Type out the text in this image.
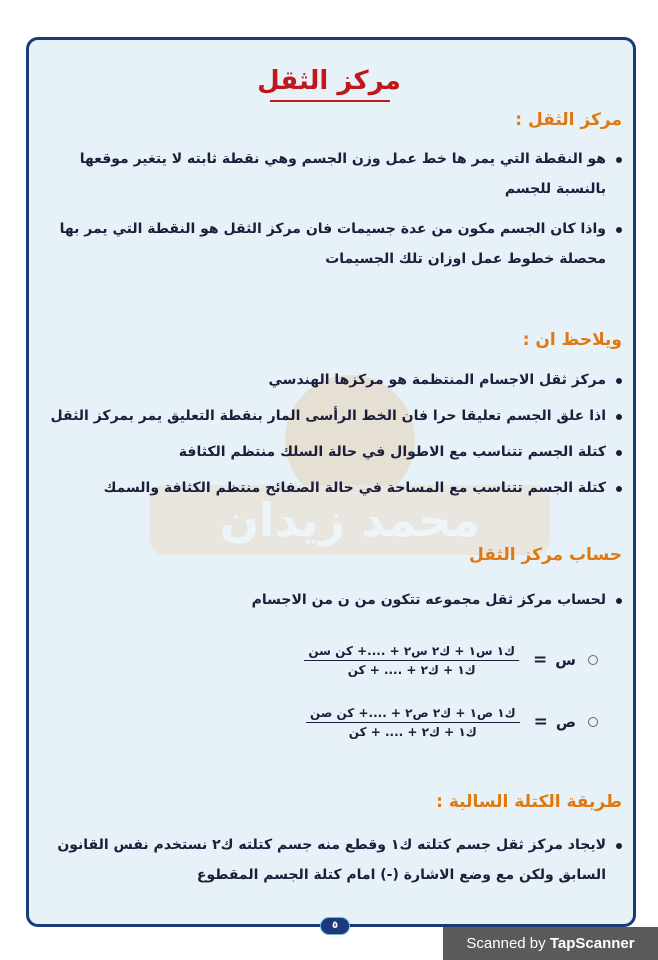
محمد زيدان
مركز الثقل
مركز الثقل :
هو النقطة التي يمر ها خط عمل وزن الجسم وهي نقطة ثابته لا يتغير موقعها بالنسبة للجسم
واذا كان الجسم مكون من عدة جسيمات فان مركز الثقل هو النقطة التي يمر بها محصلة خطوط عمل اوزان تلك الجسيمات
ويلاحظ ان :
مركز ثقل الاجسام المنتظمة هو مركزها الهندسي
اذا علق الجسم تعليقا حرا فان الخط الرأسى المار بنقطة التعليق يمر بمركز الثقل
كتلة الجسم تتناسب مع الاطوال في حالة السلك منتظم الكثافة
كتلة الجسم تتناسب مع المساحة في حالة الصفائح منتظم الكثافة والسمك
حساب مركز الثقل
لحساب مركز ثقل مجموعه تتكون من ن من الاجسام
س
=
$\frac{\text{ك١ س١ + ك٢ س٢ + ....+ كن سن}}{\text{ك١ + ك٢ + .... + كن}}$
ص
=
$\frac{\text{ك١ ص١ + ك٢ ص٢ + ....+ كن صن}}{\text{ك١ + ك٢ + .... + كن}}$
طريقة الكتلة السالبة :
لايجاد مركز ثقل جسم كتلته ك١ وقطع منه جسم كتلته ك٢ نستخدم نفس القانون السابق ولكن مع وضع الاشارة (-) امام كتلة الجسم المقطوع
٥
Scanned by TapScanner
